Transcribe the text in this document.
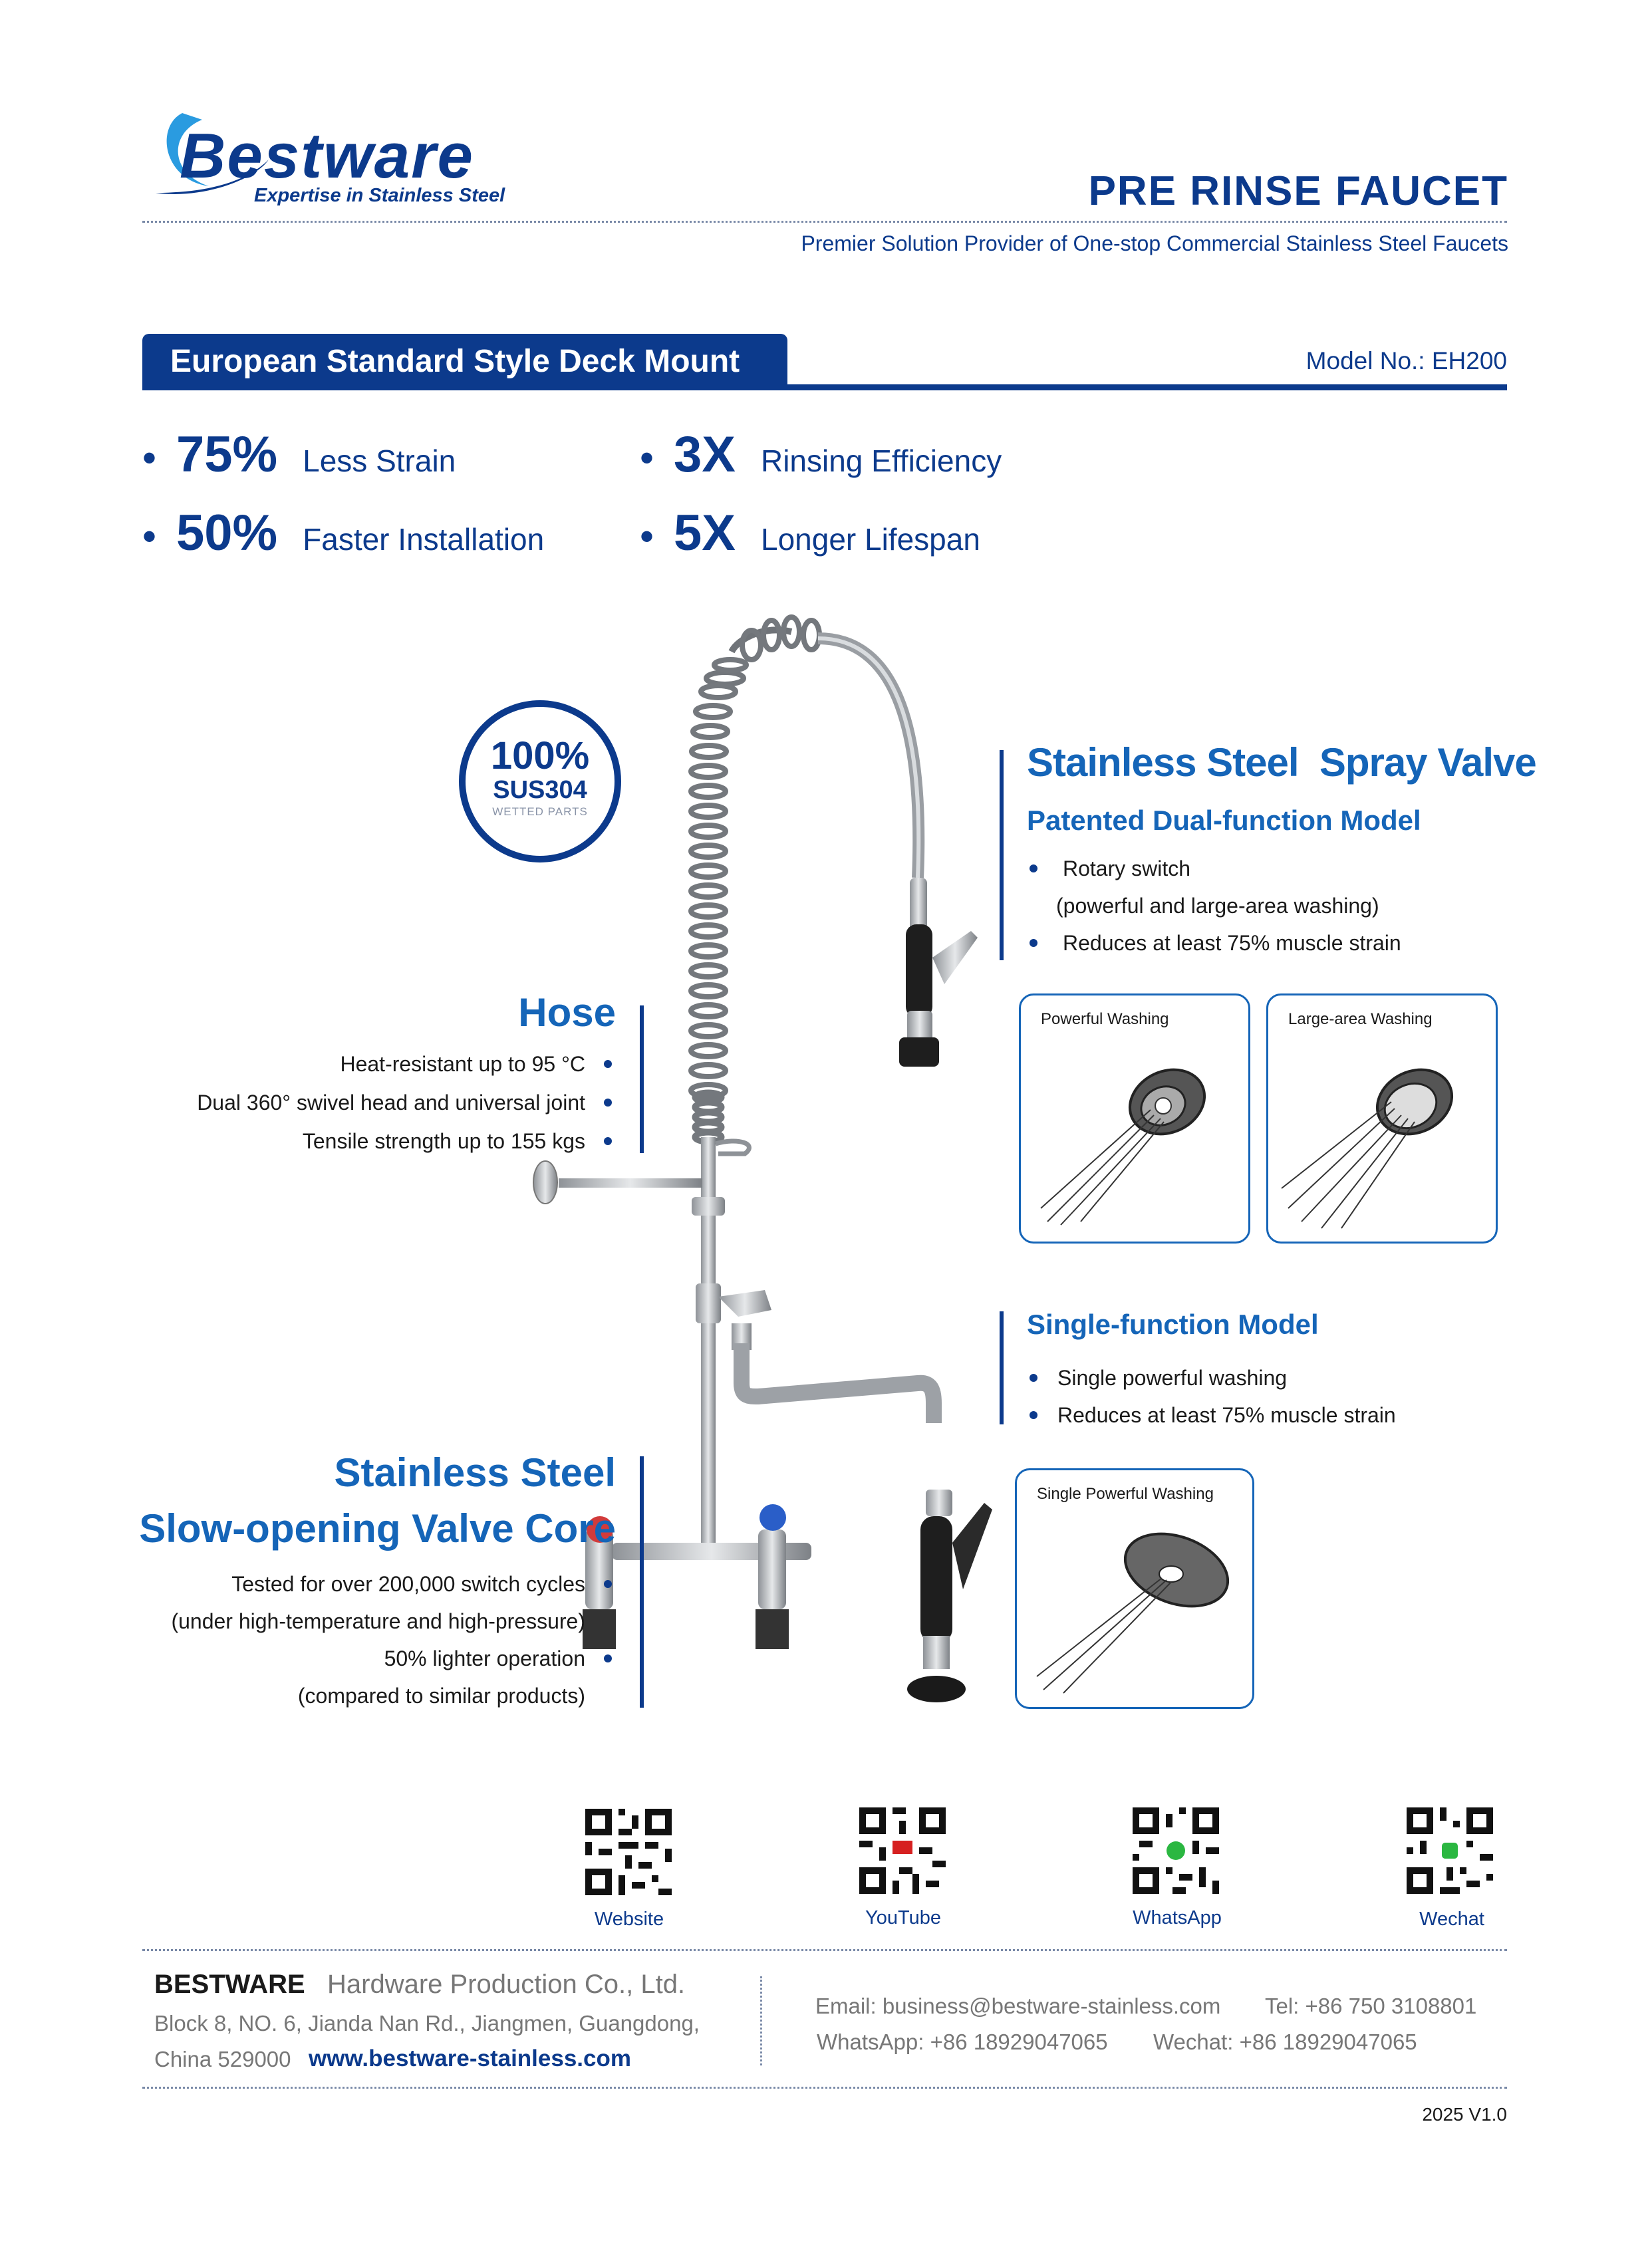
Bestware
Expertise in Stainless Steel	PRE RINSE FAUCET
Premier Solution Provider of One-stop Commercial Stainless Steel Faucets
European Standard Style Deck Mount	Model No.: EH200
• 75% Less Strain	• 3X Rinsing Efficiency
• 50% Faster Installation • 5X Longer Lifespan
100%
SUS304
WETTED PARTS
Hose
Heat-resistant up to 95 °C
Dual 360° swivel head and universal joint
Tensile strength up to 155 kgs
Stainless Steel
Slow-opening Valve Core
Tested for over 200,000 switch cycles
(under high-temperature and high-pressure)
50% lighter operation
(compared to similar products)
Stainless Steel  Spray Valve
Patented Dual-function Model
Rotary switch
(powerful and large-area washing)
Reduces at least 75% muscle strain
Powerful Washing	Large-area Washing
Single-function Model
Single powerful washing
Reduces at least 75% muscle strain
Single Powerful Washing
Website	YouTube	WhatsApp	Wechat
BESTWARE Hardware Production Co., Ltd.
Block 8, NO. 6, Jianda Nan Rd., Jiangmen, Guangdong,
China 529000 www.bestware-stainless.com
Email: business@bestware-stainless.com Tel: +86 750 3108801
WhatsApp: +86 18929047065 Wechat: +86 18929047065
2025 V1.0
